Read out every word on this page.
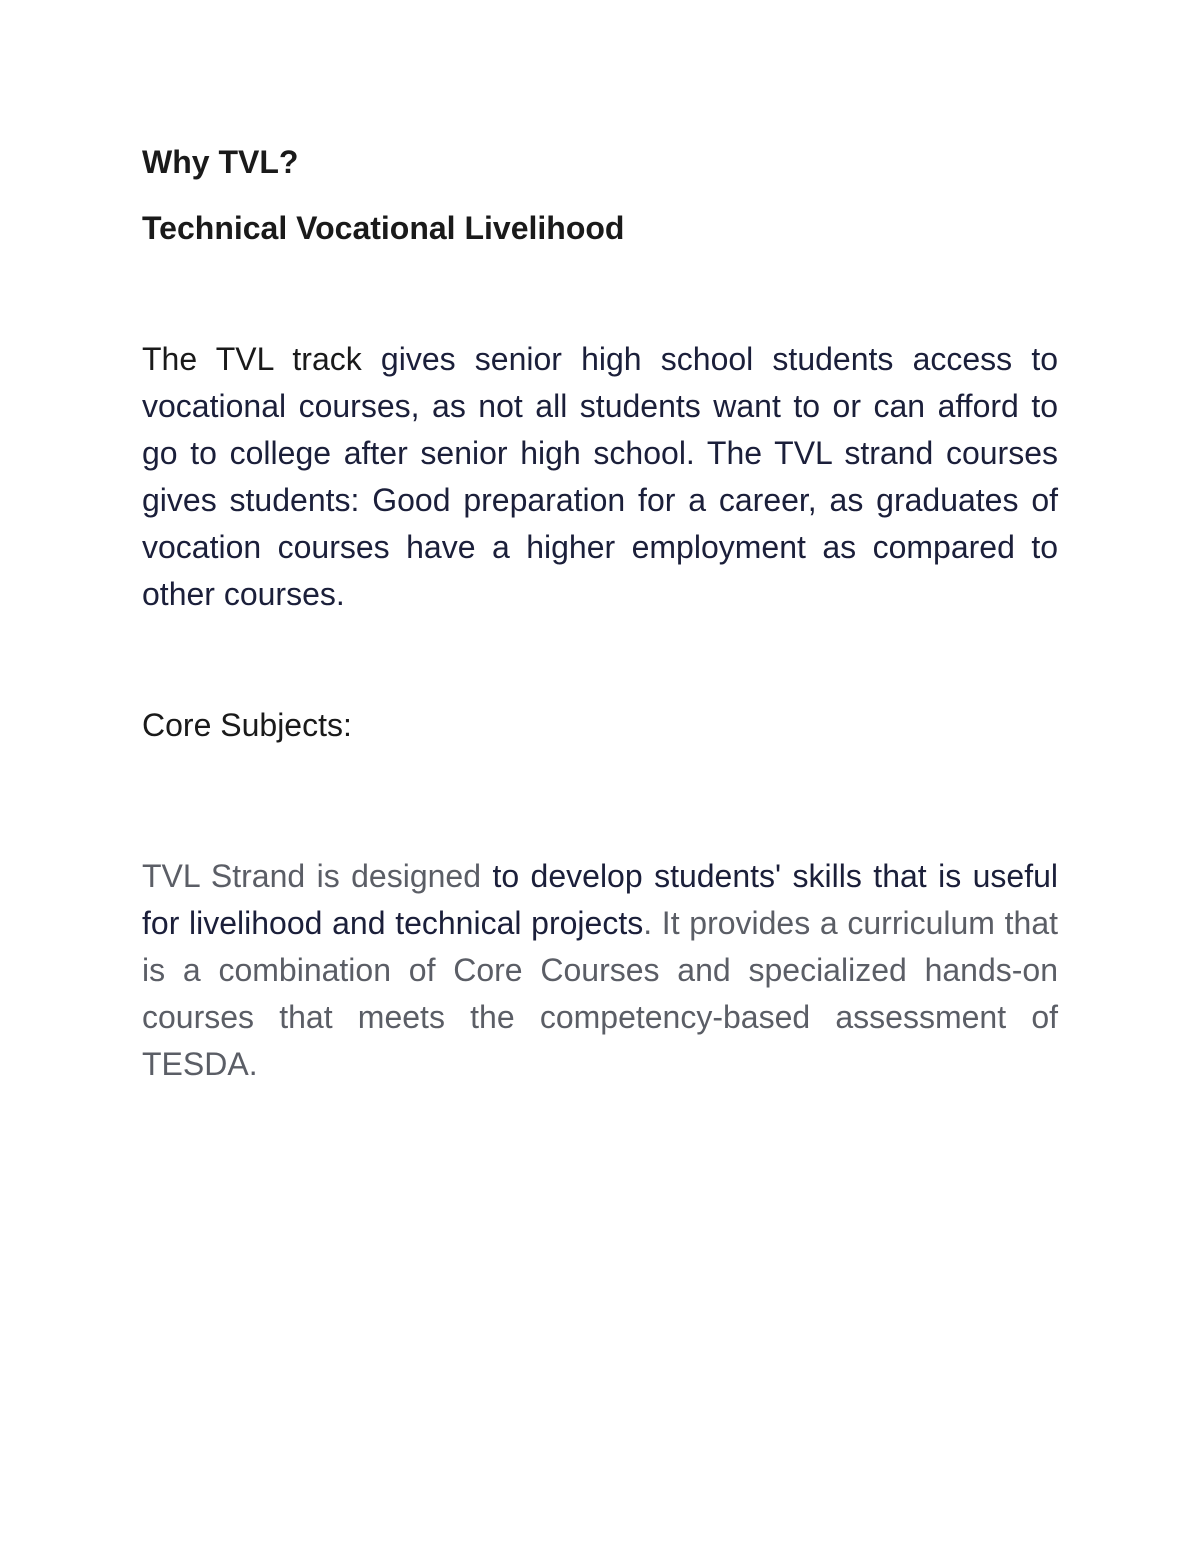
Why TVL?
Technical Vocational Livelihood

The TVL track gives senior high school students access to vocational courses, as not all students want to or can afford to go to college after senior high school. The TVL strand courses gives students: Good preparation for a career, as graduates of vocation courses have a higher employment as compared to other courses.

Core Subjects:

TVL Strand is designed to develop students' skills that is useful for livelihood and technical projects. It provides a curriculum that is a combination of Core Courses and specialized hands-on courses that meets the competency-based assessment of TESDA.
